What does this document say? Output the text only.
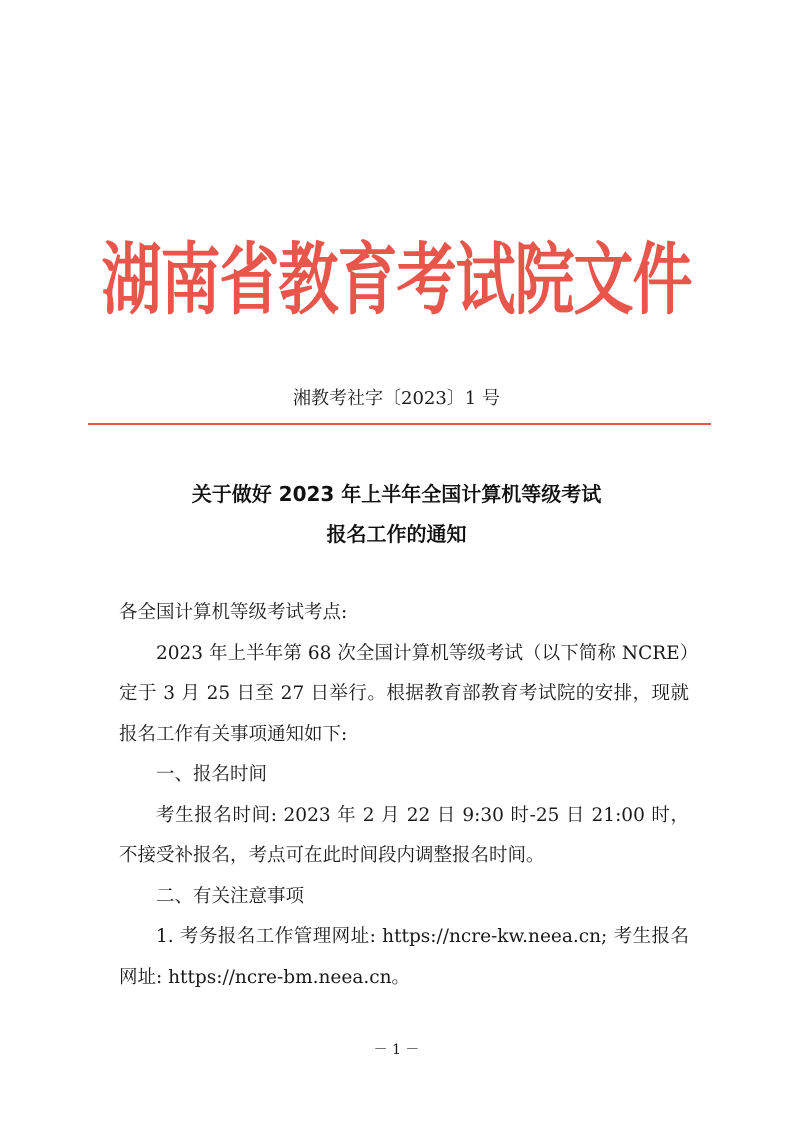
湖南省教育考试院文件
湘教考社字〔2023〕1 号
关于做好 2023 年上半年全国计算机等级考试
报名工作的通知

各全国计算机等级考试考点:

2023 年上半年第 68 次全国计算机等级考试（以下简称 NCRE）定于 3 月 25 日至 27 日举行。根据教育部教育考试院的安排，现就报名工作有关事项通知如下:

一、报名时间

考生报名时间: 2023 年 2 月 22 日 9:30 时-25 日 21:00 时，不接受补报名，考点可在此时间段内调整报名时间。

二、有关注意事项

1. 考务报名工作管理网址: https://ncre-kw.neea.cn; 考生报名网址: https://ncre-bm.neea.cn。

－ 1 －
